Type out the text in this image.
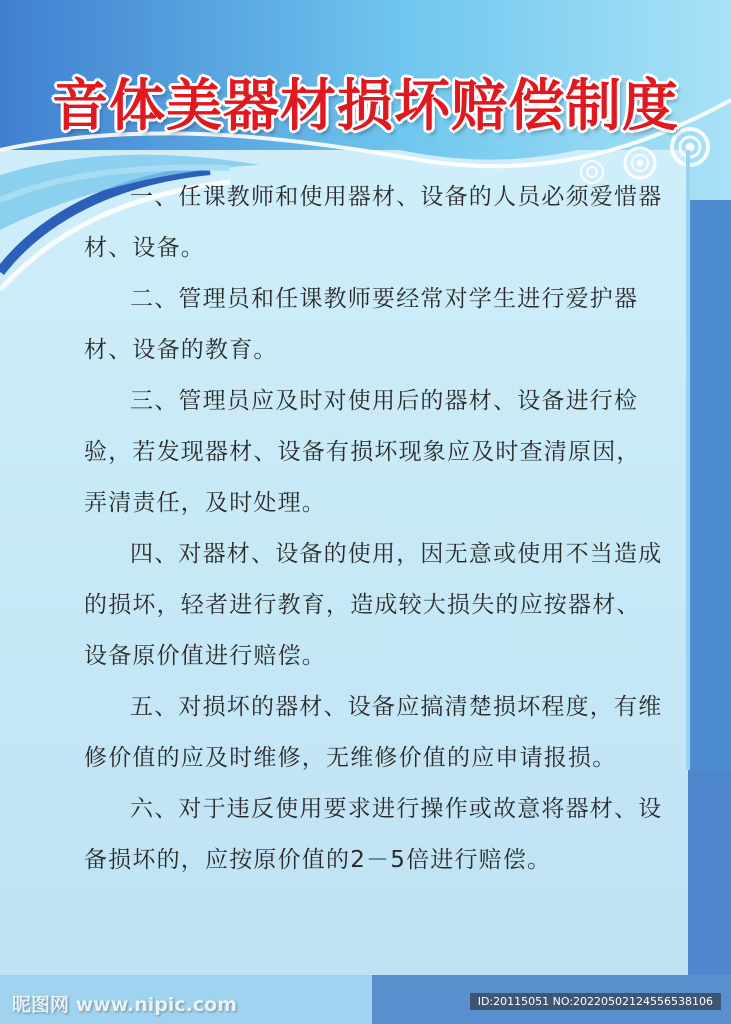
音体美器材损坏赔偿制度

一、任课教师和使用器材、设备的人员必须爱惜器材、设备。

二、管理员和任课教师要经常对学生进行爱护器材、设备的教育。

三、管理员应及时对使用后的器材、设备进行检验，若发现器材、设备有损坏现象应及时查清原因，弄清责任，及时处理。

四、对器材、设备的使用，因无意或使用不当造成的损坏，轻者进行教育，造成较大损失的应按器材、设备原价值进行赔偿。

五、对损坏的器材、设备应搞清楚损坏程度，有维修价值的应及时维修，无维修价值的应申请报损。

六、对于违反使用要求进行操作或故意将器材、设备损坏的，应按原价值的2－5倍进行赔偿。

昵图网 www.nipic.com	ID:20115051 NO:20220502124556538106
